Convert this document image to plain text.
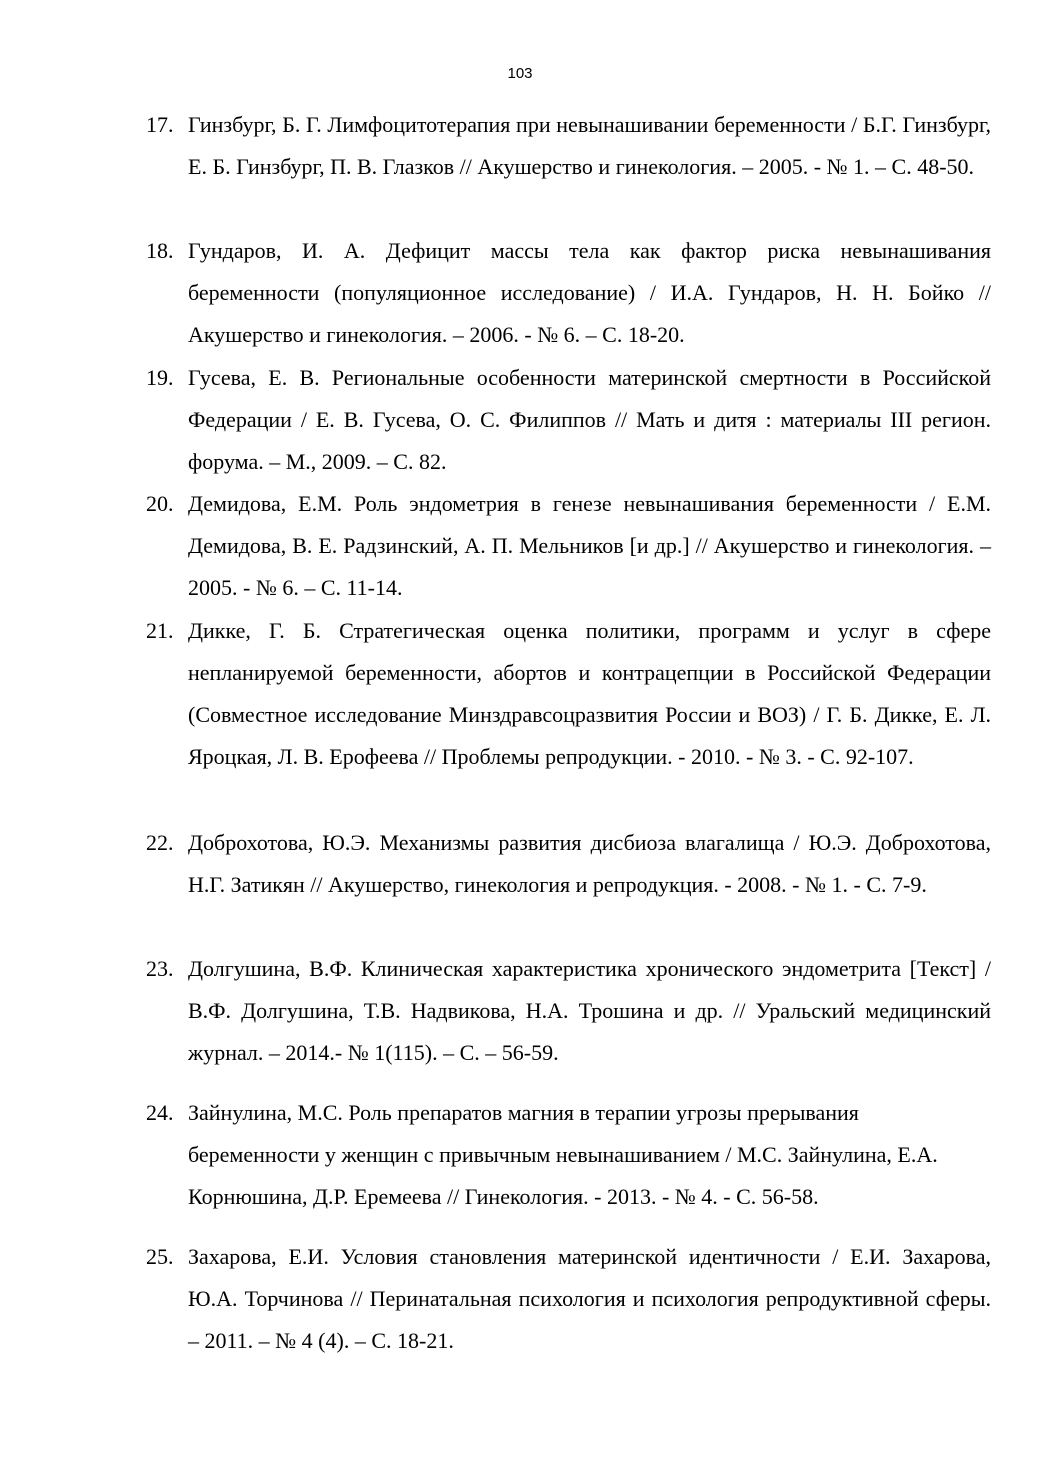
103
17. Гинзбург, Б. Г. Лимфоцитотерапия при невынашивании беременности / Б.Г. Гинзбург, Е. Б. Гинзбург, П. В. Глазков // Акушерство и гинекология. – 2005. - № 1. – С. 48-50.
18. Гундаров, И. А. Дефицит массы тела как фактор риска невынашивания беременности (популяционное исследование) / И.А. Гундаров, Н. Н. Бойко // Акушерство и гинекология. – 2006. - № 6. – С. 18-20.
19. Гусева, Е. В. Региональные особенности материнской смертности в Российской Федерации / Е. В. Гусева, О. С. Филиппов // Мать и дитя : материалы III регион. форума. – М., 2009. – С. 82.
20. Демидова, Е.М. Роль эндометрия в генезе невынашивания беременности / Е.М. Демидова, В. Е. Радзинский, А. П. Мельников [и др.] // Акушерство и гинекология. – 2005. - № 6. – С. 11-14.
21. Дикке, Г. Б. Стратегическая оценка политики, программ и услуг в сфере непланируемой беременности, абортов и контрацепции в Российской Федерации (Совместное исследование Минздравсоцразвития России и ВОЗ) / Г. Б. Дикке, Е. Л. Яроцкая, Л. В. Ерофеева // Проблемы репродукции. - 2010. - № 3. - С. 92-107.
22. Доброхотова, Ю.Э. Механизмы развития дисбиоза влагалища / Ю.Э. Доброхотова, Н.Г. Затикян // Акушерство, гинекология и репродукция. - 2008. - № 1. - С. 7-9.
23. Долгушина, В.Ф. Клиническая характеристика хронического эндометрита [Текст] / В.Ф. Долгушина, Т.В. Надвикова, Н.А. Трошина и др. // Уральский медицинский журнал. – 2014.- № 1(115). – С. – 56-59.
24. Зайнулина, М.С. Роль препаратов магния в терапии угрозы прерывания беременности у женщин с привычным невынашиванием / М.С. Зайнулина, Е.А. Корнюшина, Д.Р. Еремеева // Гинекология. - 2013. - № 4. - С. 56-58.
25. Захарова, Е.И. Условия становления материнской идентичности / Е.И. Захарова, Ю.А. Торчинова // Перинатальная психология и психология репродуктивной сферы. – 2011. – № 4 (4). – С. 18-21.
